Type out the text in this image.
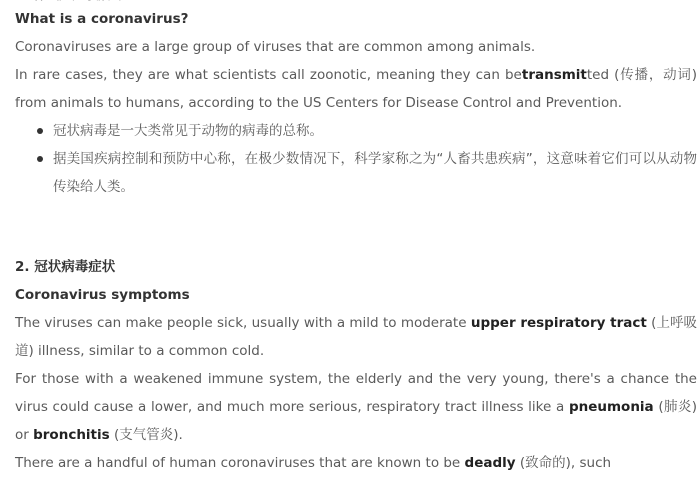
What is a coronavirus?

Coronaviruses are a large group of viruses that are common among animals.

In rare cases, they are what scientists call zoonotic, meaning they can betransmitted (传播，动词) from animals to humans, according to the US Centers for Disease Control and Prevention.

冠状病毒是一大类常见于动物的病毒的总称。
据美国疾病控制和预防中心称，在极少数情况下，科学家称之为“人畜共患疾病”，这意味着它们可以从动物传染给人类。
2. 冠状病毒症状
Coronavirus symptoms

The viruses can make people sick, usually with a mild to moderate upper respiratory tract (上呼吸道) illness, similar to a common cold.

For those with a weakened immune system, the elderly and the very young, there's a chance the virus could cause a lower, and much more serious, respiratory tract illness like a pneumonia (肺炎) or bronchitis (支气管炎).

There are a handful of human coronaviruses that are known to be deadly (致命的), such
